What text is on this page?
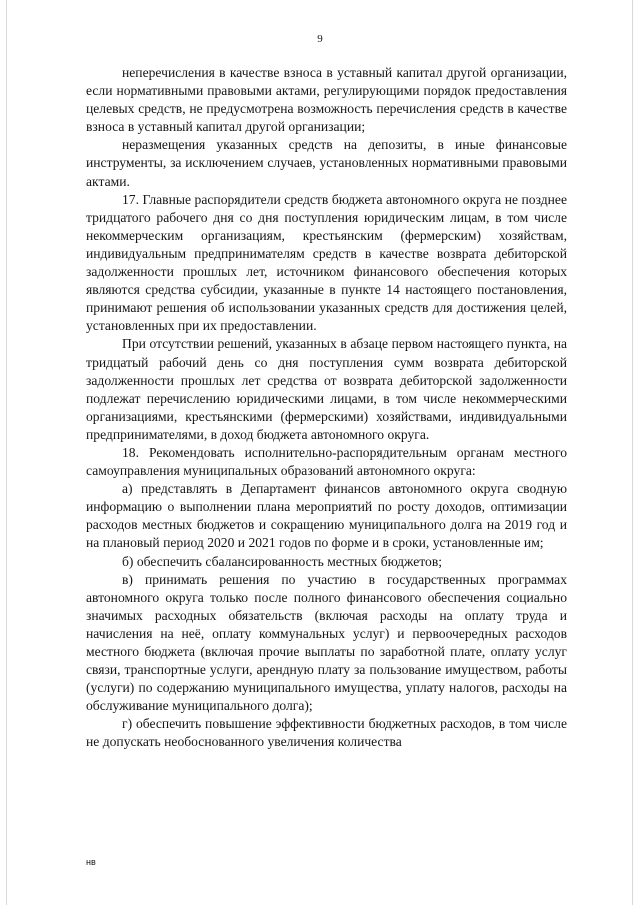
9

неперечисления в качестве взноса в уставный капитал другой организации, если нормативными правовыми актами, регулирующими порядок предоставления целевых средств, не предусмотрена возможность перечисления средств в качестве взноса в уставный капитал другой организации;

неразмещения указанных средств на депозиты, в иные финансовые инструменты, за исключением случаев, установленных нормативными правовыми актами.

17. Главные распорядители средств бюджета автономного округа не позднее тридцатого рабочего дня со дня поступления юридическим лицам, в том числе некоммерческим организациям, крестьянским (фермерским) хозяйствам, индивидуальным предпринимателям средств в качестве возврата дебиторской задолженности прошлых лет, источником финансового обеспечения которых являются средства субсидии, указанные в пункте 14 настоящего постановления, принимают решения об использовании указанных средств для достижения целей, установленных при их предоставлении.

При отсутствии решений, указанных в абзаце первом настоящего пункта, на тридцатый рабочий день со дня поступления сумм возврата дебиторской задолженности прошлых лет средства от возврата дебиторской задолженности подлежат перечислению юридическими лицами, в том числе некоммерческими организациями, крестьянскими (фермерскими) хозяйствами, индивидуальными предпринимателями, в доход бюджета автономного округа.

18. Рекомендовать исполнительно-распорядительным органам местного самоуправления муниципальных образований автономного округа:

а) представлять в Департамент финансов автономного округа сводную информацию о выполнении плана мероприятий по росту доходов, оптимизации расходов местных бюджетов и сокращению муниципального долга на 2019 год и на плановый период 2020 и 2021 годов по форме и в сроки, установленные им;

б) обеспечить сбалансированность местных бюджетов;

в) принимать решения по участию в государственных программах автономного округа только после полного финансового обеспечения социально значимых расходных обязательств (включая расходы на оплату труда и начисления на неё, оплату коммунальных услуг) и первоочередных расходов местного бюджета (включая прочие выплаты по заработной плате, оплату услуг связи, транспортные услуги, арендную плату за пользование имуществом, работы (услуги) по содержанию муниципального имущества, уплату налогов, расходы на обслуживание муниципального долга);

г) обеспечить повышение эффективности бюджетных расходов, в том числе не допускать необоснованного увеличения количества

нв
